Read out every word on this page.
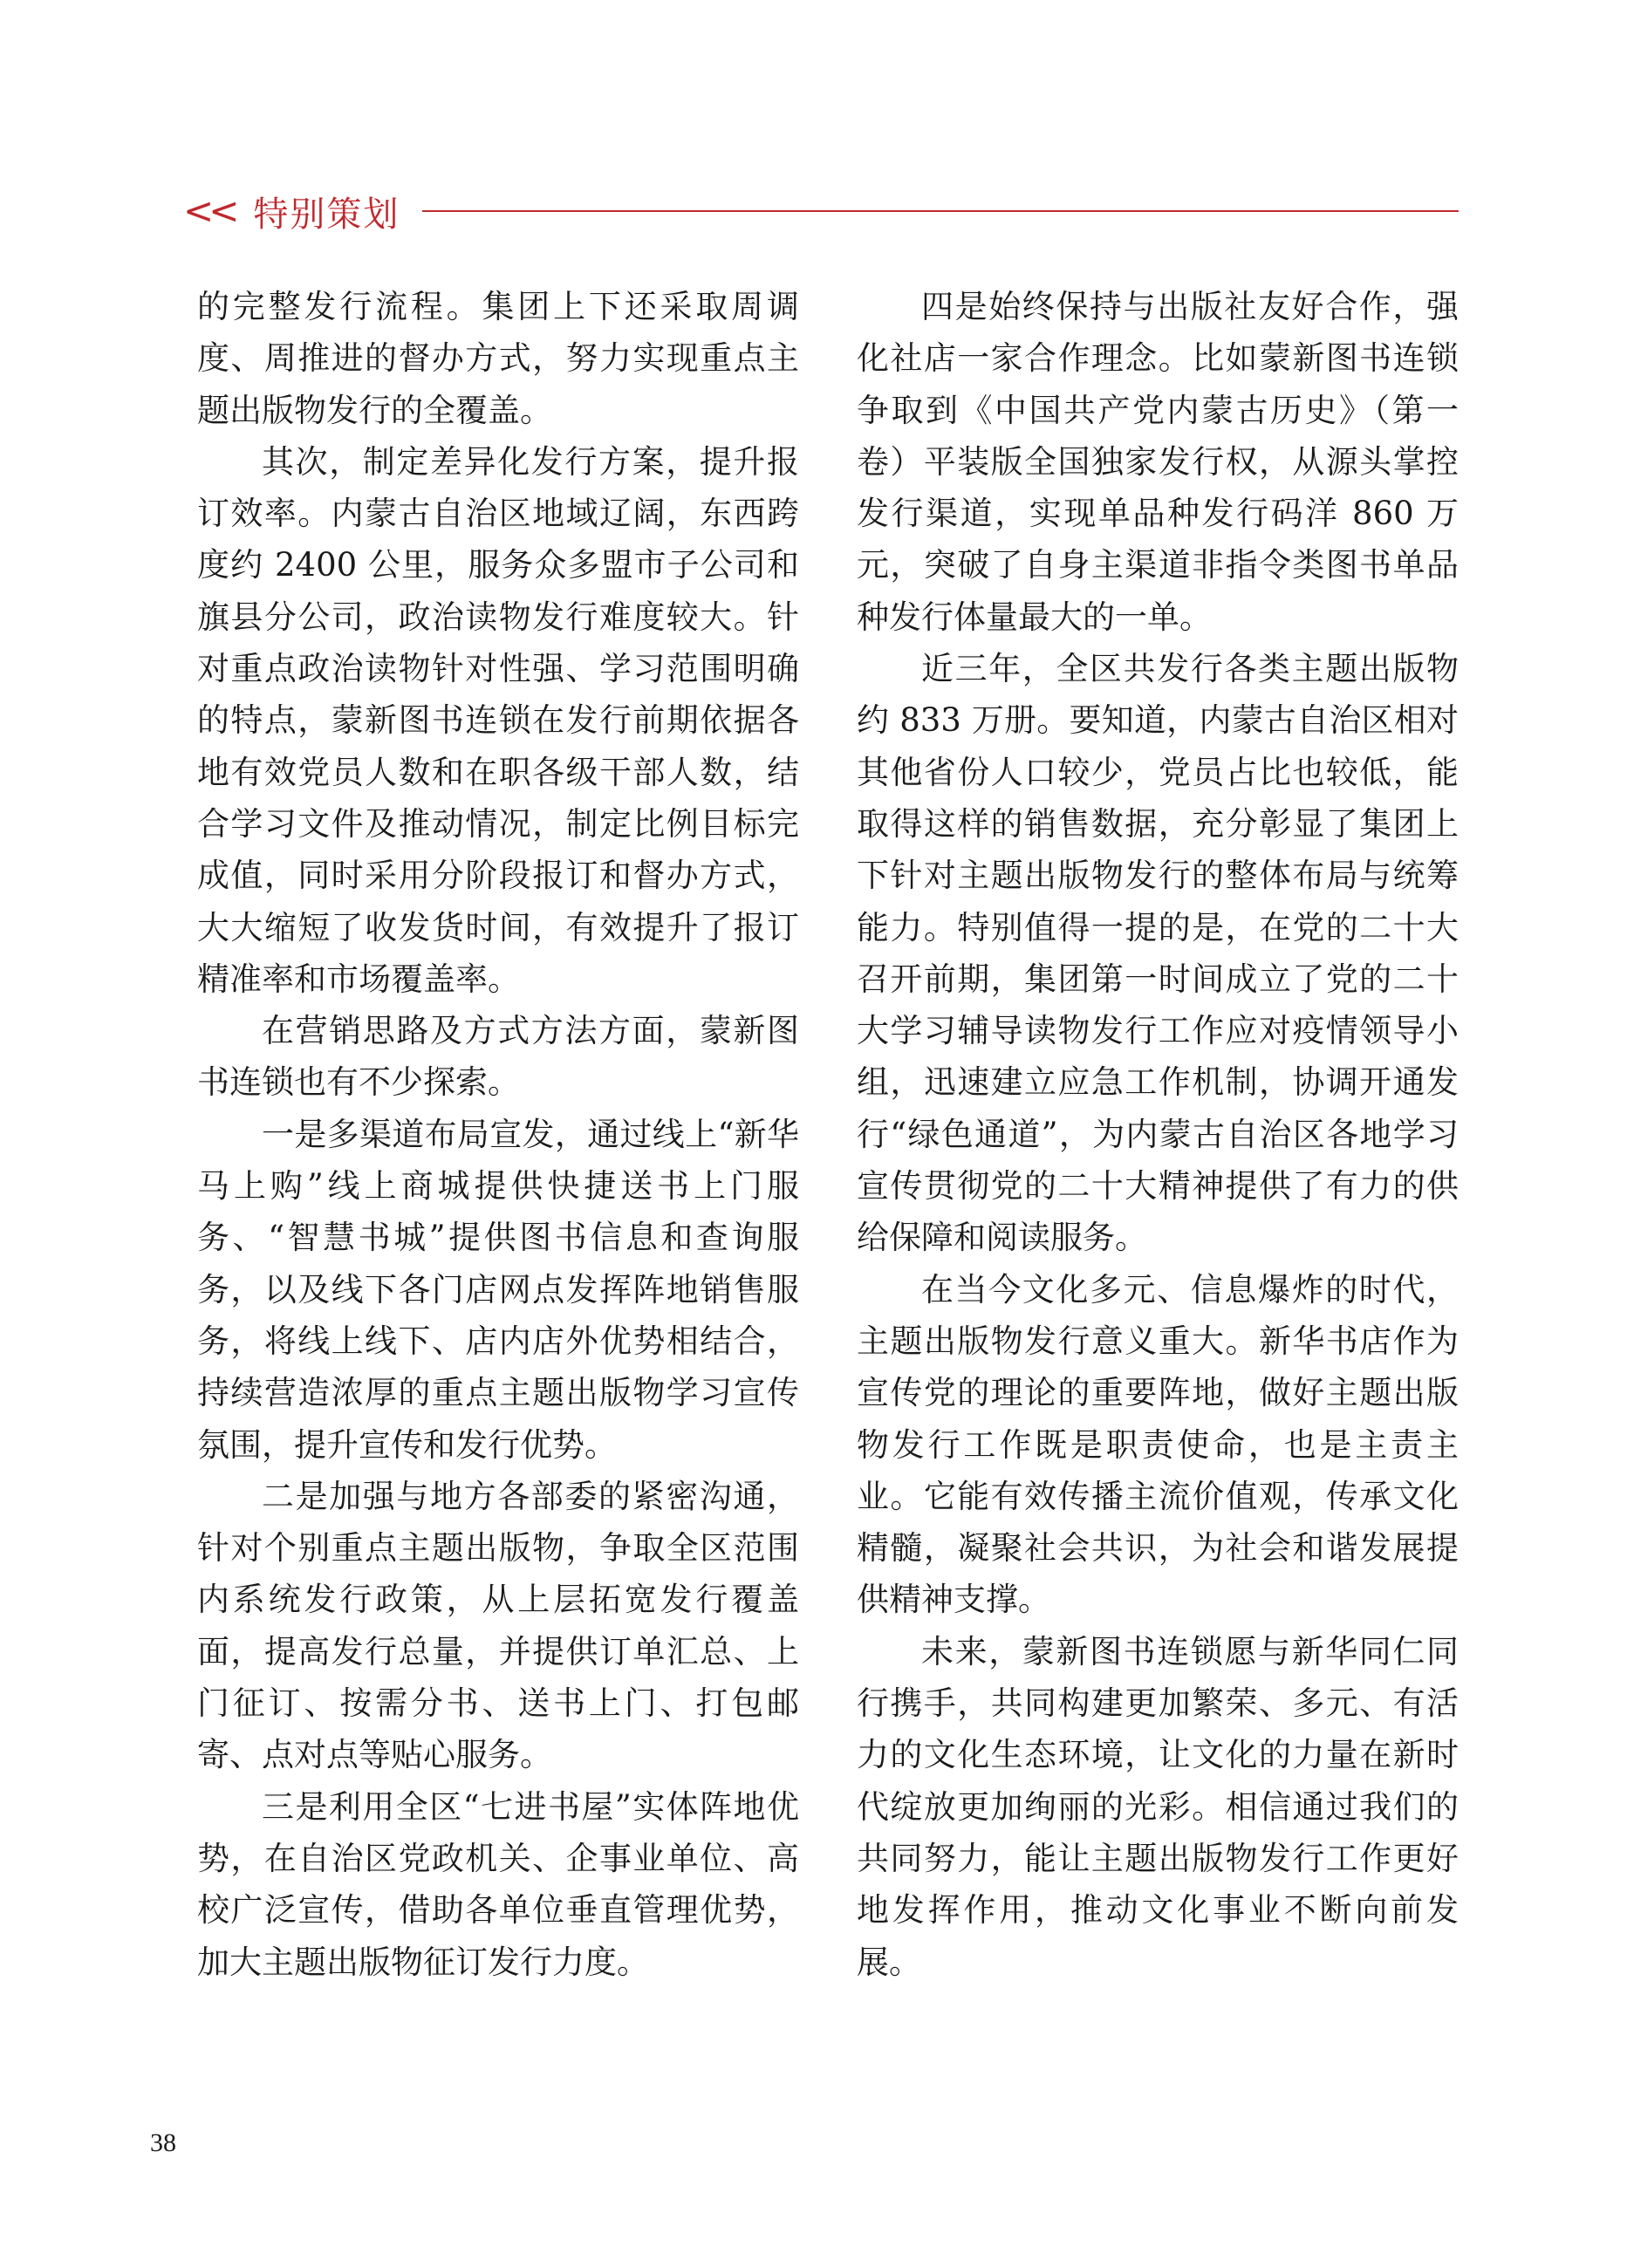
<< 特别策划

的完整发行流程。集团上下还采取周调度、周推进的督办方式，努力实现重点主题出版物发行的全覆盖。

其次，制定差异化发行方案，提升报订效率。内蒙古自治区地域辽阔，东西跨度约 2400 公里，服务众多盟市子公司和旗县分公司，政治读物发行难度较大。针对重点政治读物针对性强、学习范围明确的特点，蒙新图书连锁在发行前期依据各地有效党员人数和在职各级干部人数，结合学习文件及推动情况，制定比例目标完成值，同时采用分阶段报订和督办方式，大大缩短了收发货时间，有效提升了报订精准率和市场覆盖率。

在营销思路及方式方法方面，蒙新图书连锁也有不少探索。

一是多渠道布局宣发，通过线上“新华马上购”线上商城提供快捷送书上门服务、“智慧书城”提供图书信息和查询服务，以及线下各门店网点发挥阵地销售服务，将线上线下、店内店外优势相结合，持续营造浓厚的重点主题出版物学习宣传氛围，提升宣传和发行优势。

二是加强与地方各部委的紧密沟通，针对个别重点主题出版物，争取全区范围内系统发行政策，从上层拓宽发行覆盖面，提高发行总量，并提供订单汇总、上门征订、按需分书、送书上门、打包邮寄、点对点等贴心服务。

三是利用全区“七进书屋”实体阵地优势，在自治区党政机关、企事业单位、高校广泛宣传，借助各单位垂直管理优势，加大主题出版物征订发行力度。

四是始终保持与出版社友好合作，强化社店一家合作理念。比如蒙新图书连锁争取到《中国共产党内蒙古历史》（第一卷）平装版全国独家发行权，从源头掌控发行渠道，实现单品种发行码洋 860 万元，突破了自身主渠道非指令类图书单品种发行体量最大的一单。

近三年，全区共发行各类主题出版物约 833 万册。要知道，内蒙古自治区相对其他省份人口较少，党员占比也较低，能取得这样的销售数据，充分彰显了集团上下针对主题出版物发行的整体布局与统筹能力。特别值得一提的是，在党的二十大召开前期，集团第一时间成立了党的二十大学习辅导读物发行工作应对疫情领导小组，迅速建立应急工作机制，协调开通发行“绿色通道”，为内蒙古自治区各地学习宣传贯彻党的二十大精神提供了有力的供给保障和阅读服务。

在当今文化多元、信息爆炸的时代，主题出版物发行意义重大。新华书店作为宣传党的理论的重要阵地，做好主题出版物发行工作既是职责使命，也是主责主业。它能有效传播主流价值观，传承文化精髓，凝聚社会共识，为社会和谐发展提供精神支撑。

未来，蒙新图书连锁愿与新华同仁同行携手，共同构建更加繁荣、多元、有活力的文化生态环境，让文化的力量在新时代绽放更加绚丽的光彩。相信通过我们的共同努力，能让主题出版物发行工作更好地发挥作用，推动文化事业不断向前发展。

38
